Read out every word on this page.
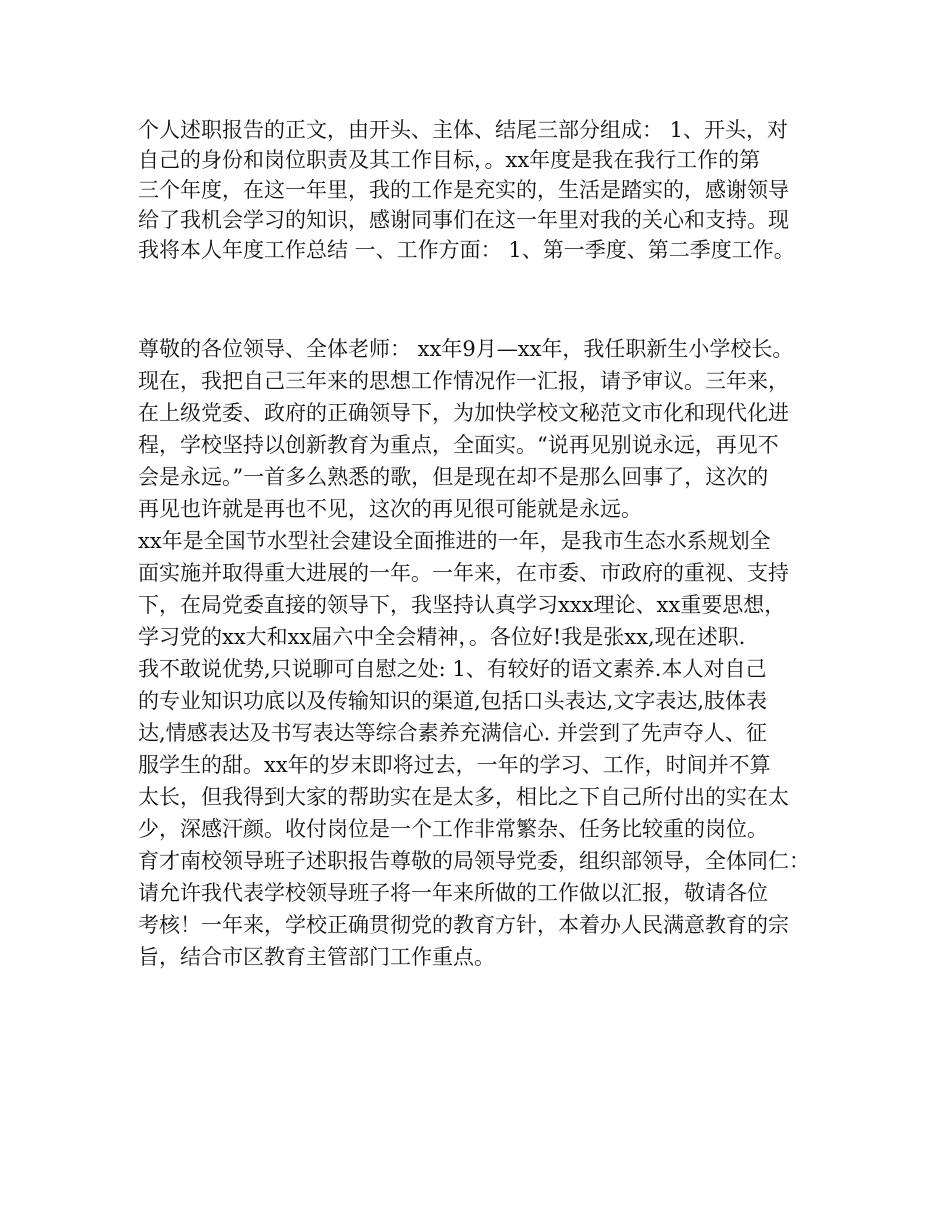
个人述职报告的正文，由开头、主体、结尾三部分组成： 1、开头，对
自己的身份和岗位职责及其工作目标，。xx年度是我在我行工作的第
三个年度，在这一年里，我的工作是充实的，生活是踏实的，感谢领导
给了我机会学习的知识，感谢同事们在这一年里对我的关心和支持。现
我将本人年度工作总结 一、工作方面： 1、第一季度、第二季度工作。
尊敬的各位领导、全体老师： xx年9月—xx年，我任职新生小学校长。
现在，我把自己三年来的思想工作情况作一汇报，请予审议。三年来，
在上级党委、政府的正确领导下，为加快学校文秘范文市化和现代化进
程，学校坚持以创新教育为重点，全面实。“说再见别说永远，再见不
会是永远。”一首多么熟悉的歌，但是现在却不是那么回事了，这次的
再见也许就是再也不见，这次的再见很可能就是永远。
xx年是全国节水型社会建设全面推进的一年，是我市生态水系规划全
面实施并取得重大进展的一年。一年来，在市委、市政府的重视、支持
下，在局党委直接的领导下，我坚持认真学习xxx理论、xx重要思想，
学习党的xx大和xx届六中全会精神，。各位好!我是张xx,现在述职.
我不敢说优势,只说聊可自慰之处: 1、有较好的语文素养.本人对自己
的专业知识功底以及传输知识的渠道,包括口头表达,文字表达,肢体表
达,情感表达及书写表达等综合素养充满信心. 并尝到了先声夺人、征
服学生的甜。xx年的岁末即将过去，一年的学习、工作，时间并不算
太长，但我得到大家的帮助实在是太多，相比之下自己所付出的实在太
少，深感汗颜。收付岗位是一个工作非常繁杂、任务比较重的岗位。
育才南校领导班子述职报告尊敬的局领导党委，组织部领导，全体同仁：
请允许我代表学校领导班子将一年来所做的工作做以汇报，敬请各位
考核！一年来，学校正确贯彻党的教育方针，本着办人民满意教育的宗
旨，结合市区教育主管部门工作重点。
